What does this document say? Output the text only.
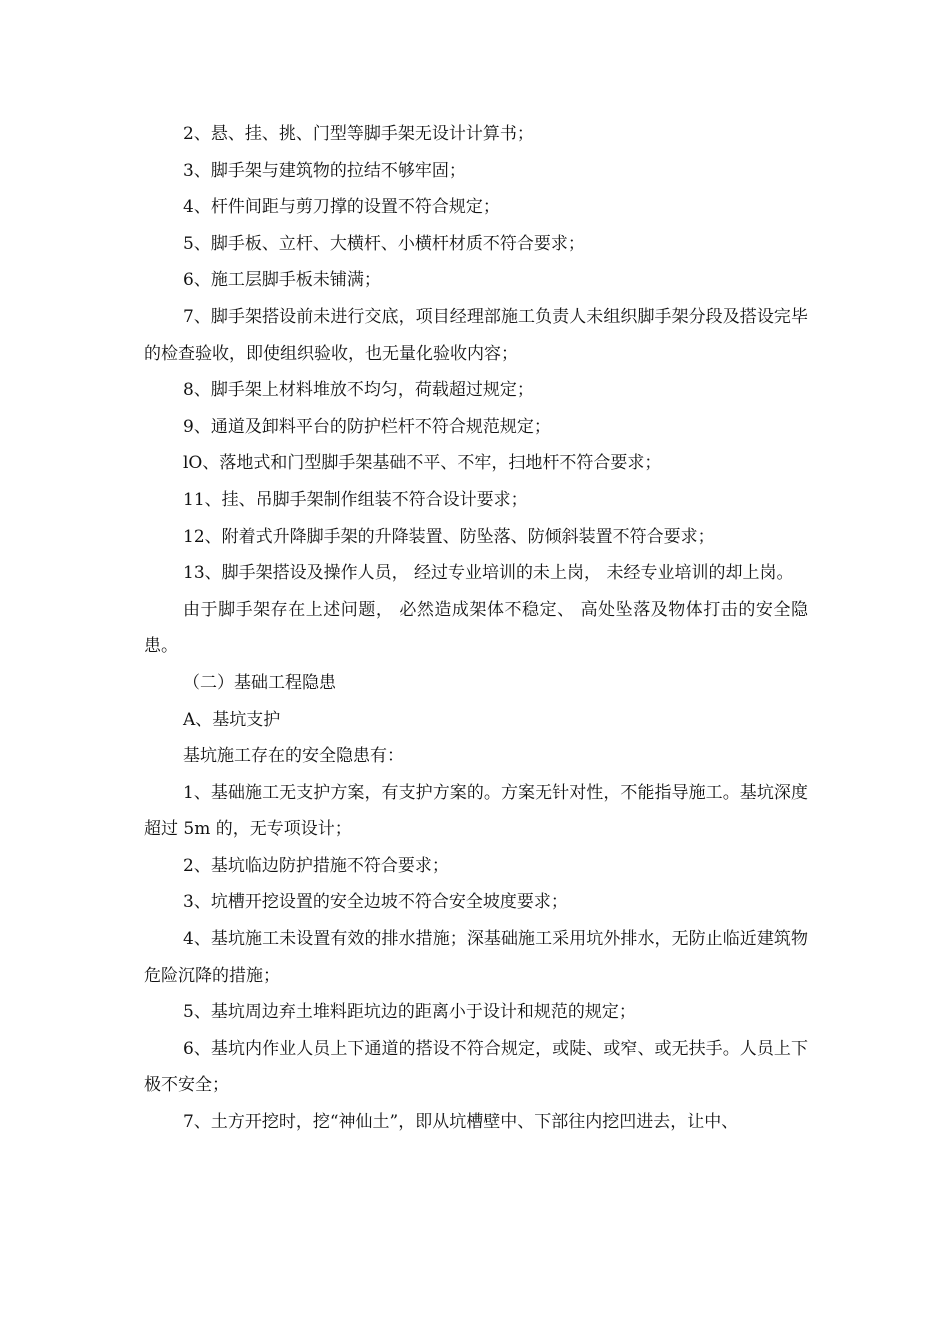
2、悬、挂、挑、门型等脚手架无设计计算书；

3、脚手架与建筑物的拉结不够牢固；

4、杆件间距与剪刀撑的设置不符合规定；

5、脚手板、立杆、大横杆、小横杆材质不符合要求；

6、施工层脚手板未铺满；

7、脚手架搭设前未进行交底，项目经理部施工负责人未组织脚手架分段及搭设完毕的检查验收，即使组织验收，也无量化验收内容；

8、脚手架上材料堆放不均匀，荷载超过规定；

9、通道及卸料平台的防护栏杆不符合规范规定；

lO、落地式和门型脚手架基础不平、不牢，扫地杆不符合要求；

11、挂、吊脚手架制作组装不符合设计要求；

12、附着式升降脚手架的升降装置、防坠落、防倾斜装置不符合要求；

13、脚手架搭设及操作人员， 经过专业培训的未上岗， 未经专业培训的却上岗。

由于脚手架存在上述问题， 必然造成架体不稳定、 高处坠落及物体打击的安全隐患。

（二）基础工程隐患

A、基坑支护

基坑施工存在的安全隐患有：

1、基础施工无支护方案，有支护方案的。方案无针对性，不能指导施工。基坑深度超过 5m 的，无专项设计；

2、基坑临边防护措施不符合要求；

3、坑槽开挖设置的安全边坡不符合安全坡度要求；

4、基坑施工未设置有效的排水措施；深基础施工采用坑外排水，无防止临近建筑物危险沉降的措施；

5、基坑周边弃土堆料距坑边的距离小于设计和规范的规定；

6、基坑内作业人员上下通道的搭设不符合规定，或陡、或窄、或无扶手。人员上下极不安全；

7、土方开挖时，挖“神仙土”，即从坑槽壁中、下部往内挖凹进去，让中、
